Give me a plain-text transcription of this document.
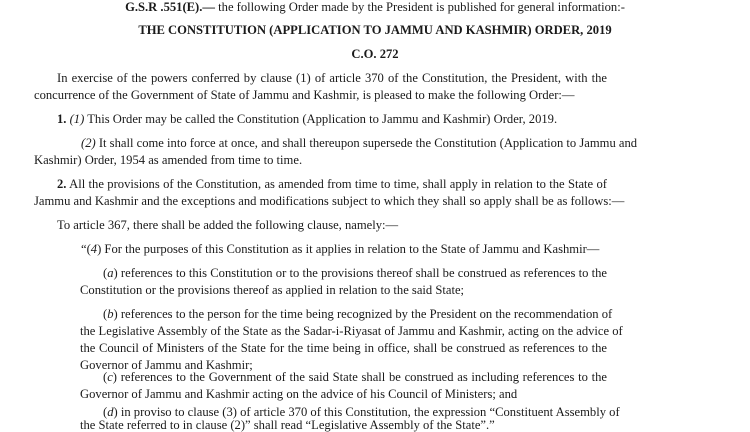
G.S.R .551(E).— the following Order made by the President is published for general information:-
THE CONSTITUTION (APPLICATION TO JAMMU AND KASHMIR) ORDER, 2019
C.O. 272
In exercise of the powers conferred by clause (1) of article 370 of the Constitution, the President, with the
concurrence of the Government of State of Jammu and Kashmir, is pleased to make the following Order:—
1. (1) This Order may be called the Constitution (Application to Jammu and Kashmir) Order, 2019.
(2) It shall come into force at once, and shall thereupon supersede the Constitution (Application to Jammu and
Kashmir) Order, 1954 as amended from time to time.
2. All the provisions of the Constitution, as amended from time to time, shall apply in relation to the State of
Jammu and Kashmir and the exceptions and modifications subject to which they shall so apply shall be as follows:—
To article 367, there shall be added the following clause, namely:—
“(4) For the purposes of this Constitution as it applies in relation to the State of Jammu and Kashmir—
(a) references to this Constitution or to the provisions thereof shall be construed as references to the
Constitution or the provisions thereof as applied in relation to the said State;
(b) references to the person for the time being recognized by the President on the recommendation of
the Legislative Assembly of the State as the Sadar-i-Riyasat of Jammu and Kashmir, acting on the advice of
the Council of Ministers of the State for the time being in office, shall be construed as references to the
Governor of Jammu and Kashmir;
(c) references to the Government of the said State shall be construed as including references to the
Governor of Jammu and Kashmir acting on the advice of his Council of Ministers; and
(d) in proviso to clause (3) of article 370 of this Constitution, the expression “Constituent Assembly of
the State referred to in clause (2)” shall read “Legislative Assembly of the State”.”
